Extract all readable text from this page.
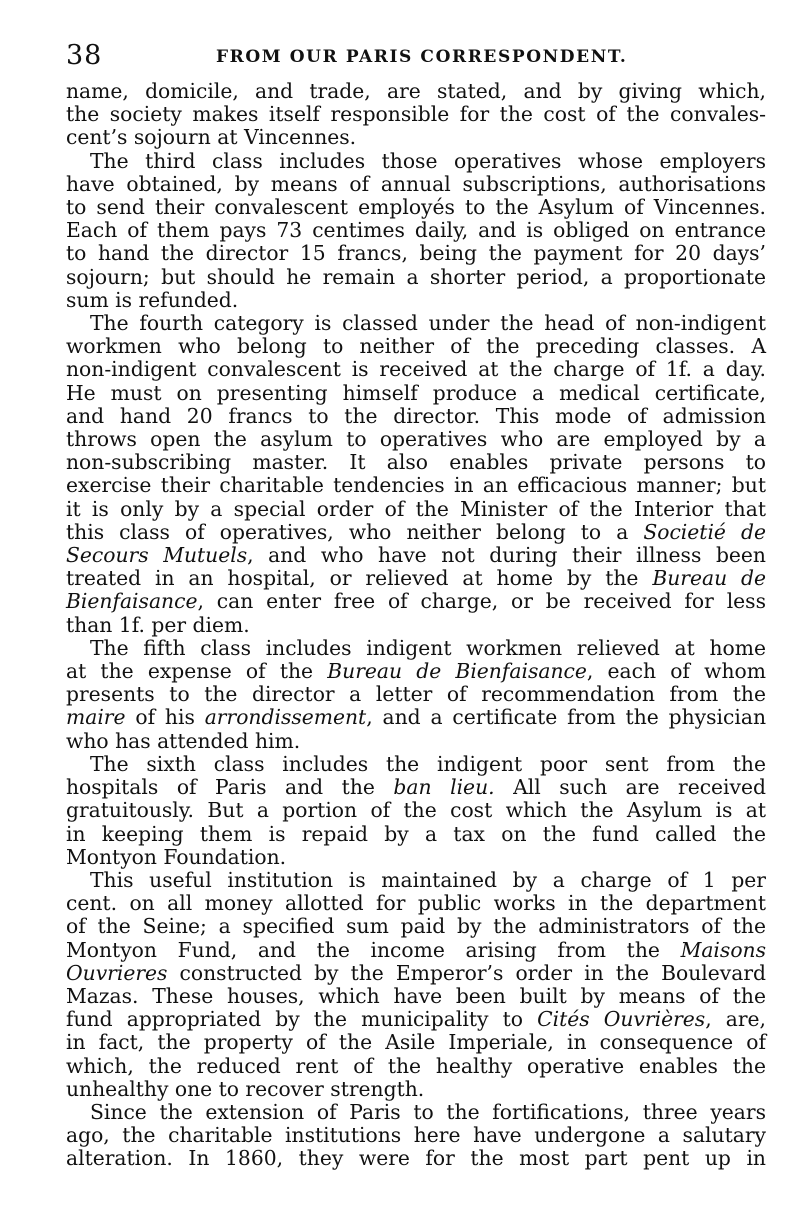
38	FROM OUR PARIS CORRESPONDENT.
name, domicile, and trade, are stated, and by giving which,
the society makes itself responsible for the cost of the convales-
cent’s sojourn at Vincennes.
The third class includes those operatives whose employers
have obtained, by means of annual subscriptions, authorisations
to send their convalescent employés to the Asylum of Vincennes.
Each of them pays 73 centimes daily, and is obliged on entrance
to hand the director 15 francs, being the payment for 20 days’
sojourn; but should he remain a shorter period, a proportionate
sum is refunded.
The fourth category is classed under the head of non-indigent
workmen who belong to neither of the preceding classes. A
non-indigent convalescent is received at the charge of 1f. a day.
He must on presenting himself produce a medical certificate,
and hand 20 francs to the director. This mode of admission
throws open the asylum to operatives who are employed by a
non-subscribing master. It also enables private persons to
exercise their charitable tendencies in an efficacious manner; but
it is only by a special order of the Minister of the Interior that
this class of operatives, who neither belong to a Societié de
Secours Mutuels, and who have not during their illness been
treated in an hospital, or relieved at home by the Bureau de
Bienfaisance, can enter free of charge, or be received for less
than 1f. per diem.
The fifth class includes indigent workmen relieved at home
at the expense of the Bureau de Bienfaisance, each of whom
presents to the director a letter of recommendation from the
maire of his arrondissement, and a certificate from the physician
who has attended him.
The sixth class includes the indigent poor sent from the
hospitals of Paris and the ban lieu. All such are received
gratuitously. But a portion of the cost which the Asylum is at
in keeping them is repaid by a tax on the fund called the
Montyon Foundation.
This useful institution is maintained by a charge of 1 per
cent. on all money allotted for public works in the department
of the Seine; a specified sum paid by the administrators of the
Montyon Fund, and the income arising from the Maisons
Ouvrieres constructed by the Emperor’s order in the Boulevard
Mazas. These houses, which have been built by means of the
fund appropriated by the municipality to Cités Ouvrières, are,
in fact, the property of the Asile Imperiale, in consequence of
which, the reduced rent of the healthy operative enables the
unhealthy one to recover strength.
Since the extension of Paris to the fortifications, three years
ago, the charitable institutions here have undergone a salutary
alteration. In 1860, they were for the most part pent up in
